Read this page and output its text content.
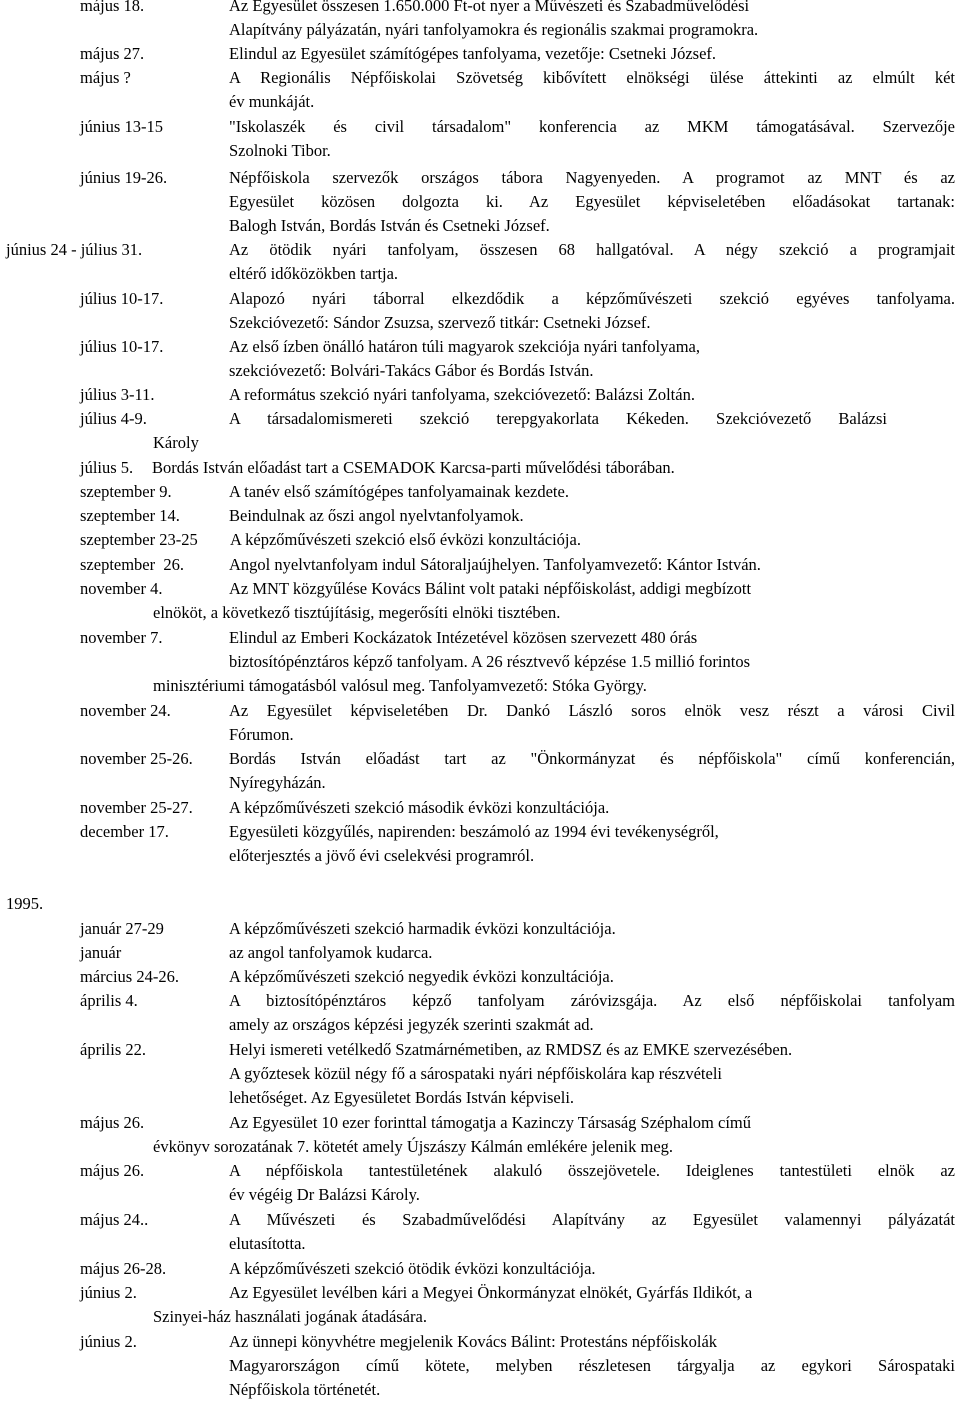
május 18.	Az Egyesület összesen 1.650.000 Ft-ot nyer a Művészeti és Szabadművelődési
Alapítvány pályázatán, nyári tanfolyamokra és regionális szakmai programokra.
május 27.	Elindul az Egyesület számítógépes tanfolyama, vezetője: Csetneki József.
május ?	A Regionális Népfőiskolai Szövetség kibővített elnökségi ülése áttekinti az elmúlt két
év munkáját.
június 13-15	"Iskolaszék és civil társadalom" konferencia az MKM támogatásával. Szervezője
Szolnoki Tibor.
június 19-26.	Népfőiskola szervezők országos tábora Nagyenyeden. A programot az MNT és az
Egyesület közösen dolgozta ki. Az Egyesület képviseletében előadásokat tartanak:
Balogh István, Bordás István és Csetneki József.
június 24 - július 31.	Az ötödik nyári tanfolyam, összesen 68 hallgatóval. A négy szekció a programjait
eltérő időközökben tartja.
július 10-17.	Alapozó nyári táborral elkezdődik a képzőművészeti szekció egyéves tanfolyama.
Szekcióvezető: Sándor Zsuzsa, szervező titkár: Csetneki József.
július 10-17.	Az első ízben önálló határon túli magyarok szekciója nyári tanfolyama,
szekcióvezető: Bolvári-Takács Gábor és Bordás István.
július 3-11.	A református szekció nyári tanfolyama, szekcióvezető: Balázsi Zoltán.
július 4-9.	A társadalomismereti szekció terepgyakorlata Kékeden. Szekcióvezető Balázsi
Károly
július 5. Bordás István előadást tart a CSEMADOK Karcsa-parti művelődési táborában.
szeptember 9.	A tanév első számítógépes tanfolyamainak kezdete.
szeptember 14.	Beindulnak az őszi angol nyelvtanfolyamok.
szeptember 23-25 A képzőművészeti szekció első évközi konzultációja.
szeptember  26.	Angol nyelvtanfolyam indul Sátoraljaújhelyen. Tanfolyamvezető: Kántor István.
november 4.	Az MNT közgyűlése Kovács Bálint volt pataki népfőiskolást, addigi megbízott
elnököt, a következő tisztújításig, megerősíti elnöki tisztében.
november 7.	Elindul az Emberi Kockázatok Intézetével közösen szervezett 480 órás
biztosítópénztáros képző tanfolyam. A 26 résztvevő képzése 1.5 millió forintos
minisztériumi támogatásból valósul meg. Tanfolyamvezető: Stóka György.
november 24.	Az Egyesület képviseletében Dr. Dankó László soros elnök vesz részt a városi Civil
Fórumon.
november 25-26. Bordás István előadást tart az "Önkormányzat és népfőiskola" című konferencián,
Nyíregyházán.
november 25-27. A képzőművészeti szekció második évközi konzultációja.
december 17.	Egyesületi közgyűlés, napirenden: beszámoló az 1994 évi tevékenységről,
előterjesztés a jövő évi cselekvési programról.
1995.
január 27-29	A képzőművészeti szekció harmadik évközi konzultációja.
január	az angol tanfolyamok kudarca.
március 24-26.	A képzőművészeti szekció negyedik évközi konzultációja.
április 4.	A biztosítópénztáros képző tanfolyam záróvizsgája. Az első népfőiskolai tanfolyam
amely az országos képzési jegyzék szerinti szakmát ad.
április 22.	Helyi ismereti vetélkedő Szatmárnémetiben, az RMDSZ és az EMKE szervezésében.
A győztesek közül négy fő a sárospataki nyári népfőiskolára kap részvételi
lehetőséget. Az Egyesületet Bordás István képviseli.
május 26.	Az Egyesület 10 ezer forinttal támogatja a Kazinczy Társaság Széphalom című
évkönyv sorozatának 7. kötetét amely Újszászy Kálmán emlékére jelenik meg.
május 26.	A népfőiskola tantestületének alakuló összejövetele. Ideiglenes tantestületi elnök az
év végéig Dr Balázsi Károly.
május 24..	A Művészeti és Szabadművelődési Alapítvány az Egyesület valamennyi pályázatát
elutasította.
május 26-28.	A képzőművészeti szekció ötödik évközi konzultációja.
június 2.	Az Egyesület levélben kári a Megyei Önkormányzat elnökét, Gyárfás Ildikót, a
Szinyei-ház használati jogának átadására.
június 2.	Az ünnepi könyvhétre megjelenik Kovács Bálint: Protestáns népfőiskolák
Magyarországon című kötete, melyben részletesen tárgyalja az egykori Sárospataki
Népfőiskola történetét.
